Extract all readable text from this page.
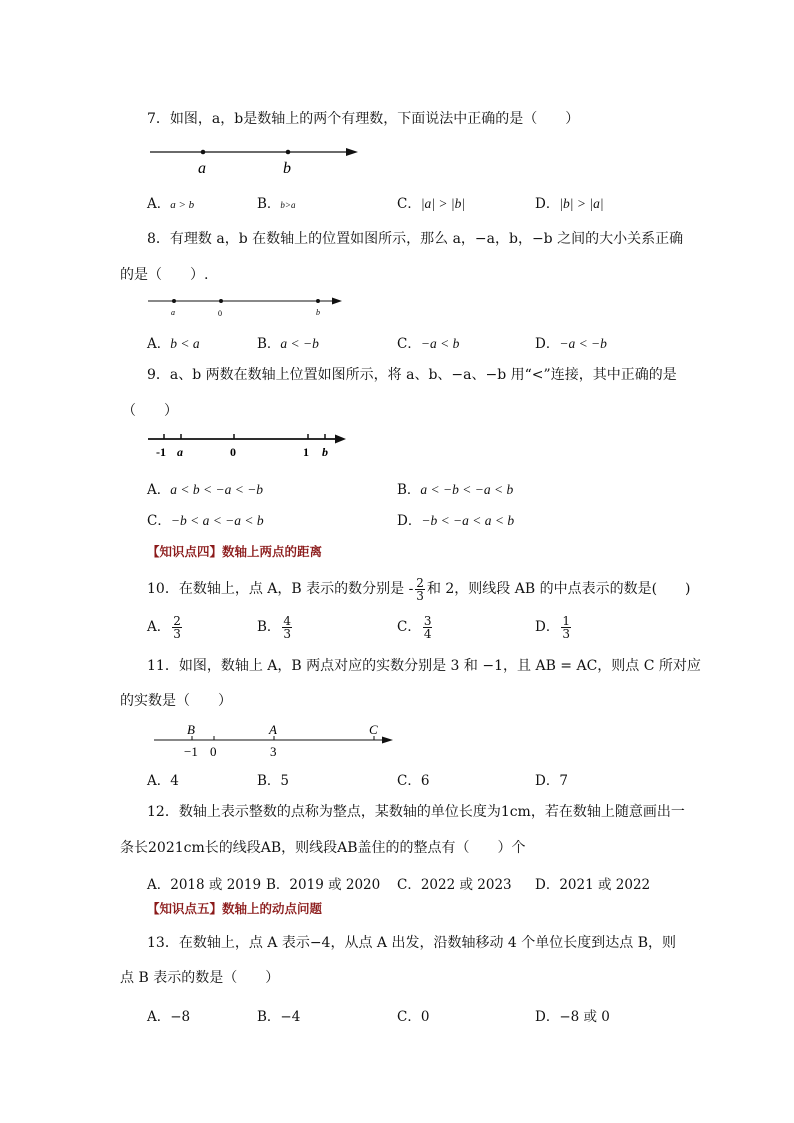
7．如图，a，b是数轴上的两个有理数，下面说法中正确的是（　　）
a	b
A．a > b	B．b>a	C．|a| > |b|	D．|b| > |a|
8．有理数 a，b 在数轴上的位置如图所示，那么 a，−a，b，−b 之间的大小关系正确
的是（　　）.
a	0	b
A．b < a	B．a < −b	C．−a < b	D．−a < −b
9．a、b 两数在数轴上位置如图所示，将 a、b、−a、−b 用“<”连接，其中正确的是
（　　）
-1 a	0	1 b
A．a < b < −a < −b	B．a < −b < −a < b
C．−b < a < −a < b	D．−b < −a < a < b
【知识点四】数轴上两点的距离
10．在数轴上，点 A，B 表示的数分别是 - $\frac{2}{3}$ 和 2，则线段 AB 的中点表示的数是(　　)
A． $\frac{2}{3}$	B． $\frac{4}{3}$	C． $\frac{3}{4}$	D． $\frac{1}{3}$
11．如图，数轴上 A，B 两点对应的实数分别是 3 和 −1，且 AB = AC，则点 C 所对应
的实数是（　　）
B	A	C
−1 0	3
A．4	B．5	C．6	D．7
12．数轴上表示整数的点称为整点，某数轴的单位长度为1cm，若在数轴上随意画出一
条长2021cm长的线段AB，则线段AB盖住的的整点有（　　）个
A．2018 或 2019 B．2019 或 2020 C．2022 或 2023 D．2021 或 2022
【知识点五】数轴上的动点问题
13．在数轴上，点 A 表示−4，从点 A 出发，沿数轴移动 4 个单位长度到达点 B，则
点 B 表示的数是（　　）
A．−8	B．−4	C．0	D．−8 或 0
